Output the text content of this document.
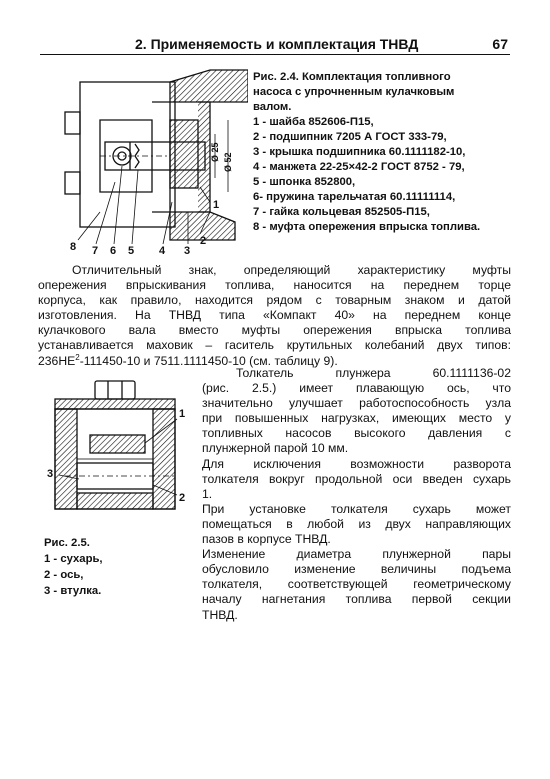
2. Применяемость и комплектация ТНВД	67
Ø 25
Ø 52
8 7 6 5 4 3
2
1
Рис. 2.4. Комплектация топливного
насоса с упрочненным кулачковым
валом.
1 - шайба 852606-П15,
2 - подшипник 7205 А ГОСТ 333-79,
3 - крышка подшипника 60.1111182-10,
4 - манжета 22-25×42-2 ГОСТ 8752 - 79,
5 - шпонка 852800,
6- пружина тарельчатая 60.11111114,
7 - гайка кольцевая 852505-П15,
8 - муфта опережения впрыска топлива.
Отличительный знак, определяющий характеристику муфты
опережения впрыскивания топлива, наносится на переднем торце
корпуса, как правило, находится рядом с товарным знаком и датой
изготовления. На ТНВД типа «Компакт 40» на переднем конце
кулачкового вала вместо муфты опережения впрыска топлива
устанавливается маховик – гаситель крутильных колебаний двух типов:
$236НЕ^2-111450-10$ и 7511.1111450-10 (см. таблицу 9).
1
2
3
Рис. 2.5.
1 - сухарь,
2 - ось,
3 - втулка.
Толкатель плунжера 60.1111136-02
(рис. 2.5.) имеет плавающую ось, что
значительно улучшает работоспособность узла
при повышенных нагрузках, имеющих место у
топливных насосов высокого давления с
плунжерной парой 10 мм.
Для исключения возможности разворота
толкателя вокруг продольной оси введен сухарь
1.
При установке толкателя сухарь может
помещаться в любой из двух направляющих
пазов в корпусе ТНВД.
Изменение диаметра плунжерной пары
обусловило изменение величины подъема
толкателя, соответствующей геометрическому
началу нагнетания топлива первой секции
ТНВД.
